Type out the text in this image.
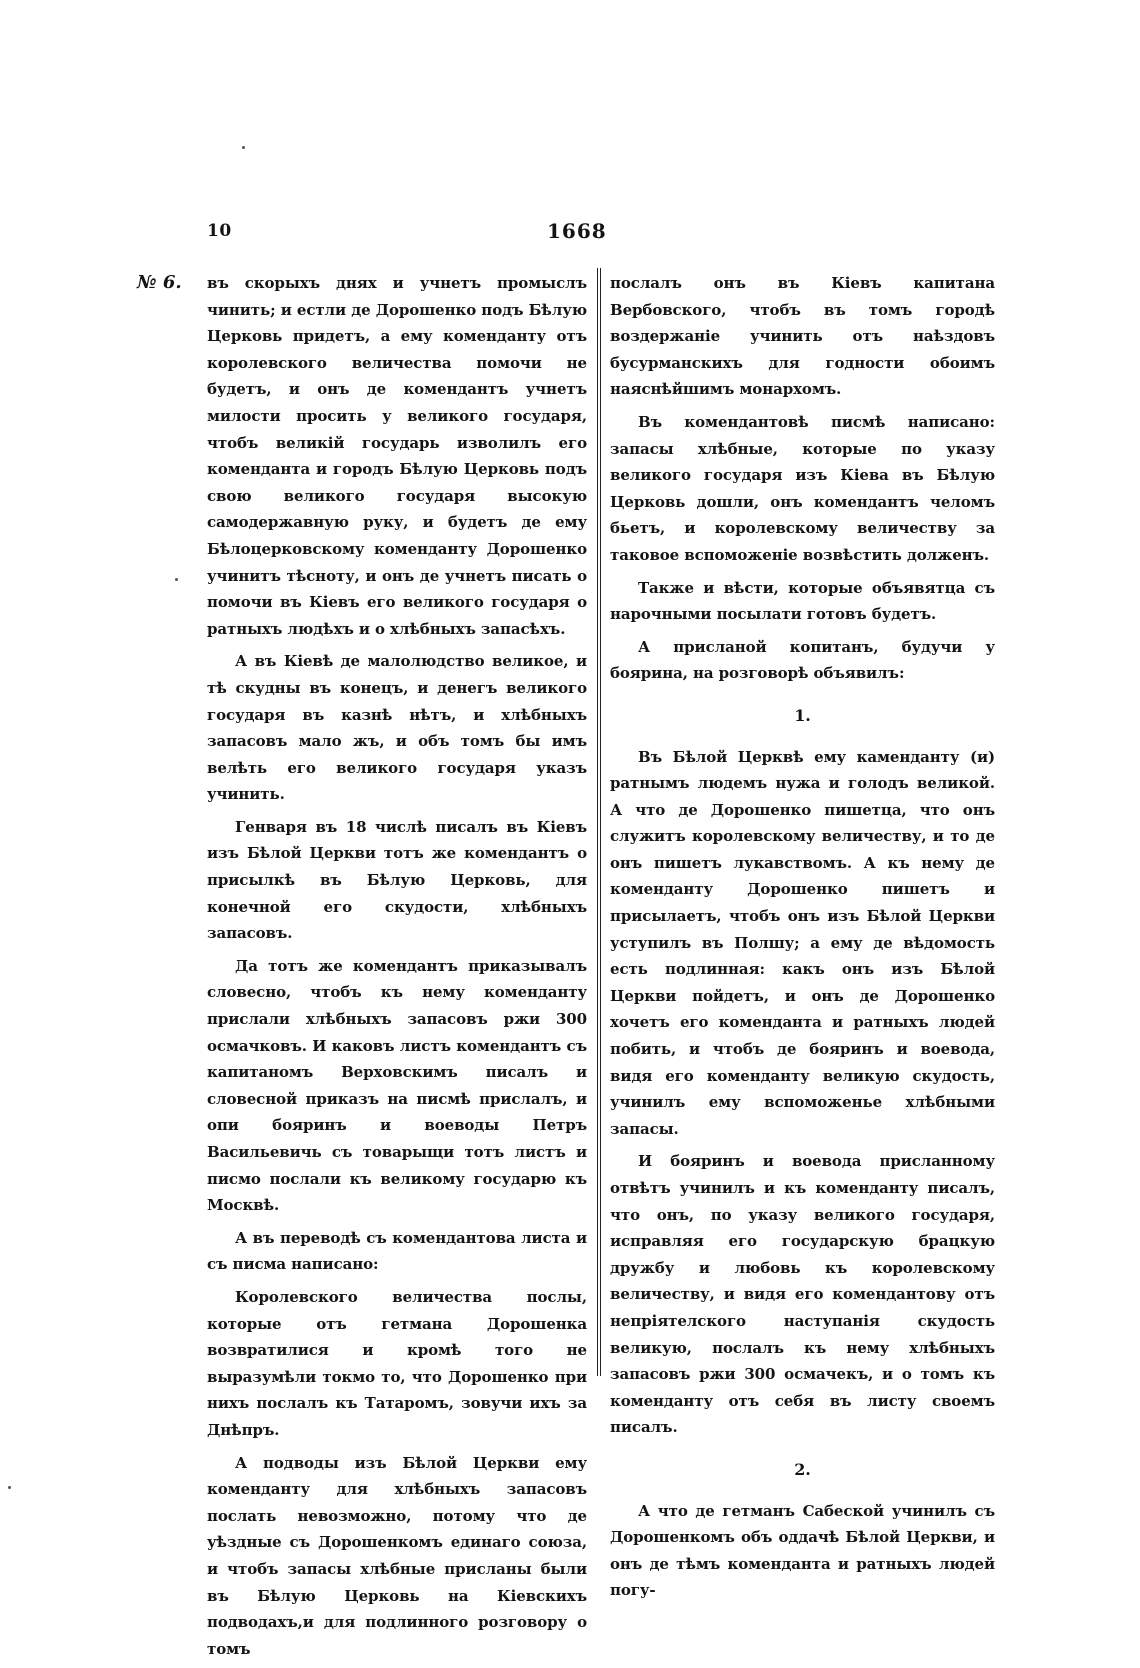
10	1668
№ 6. въ скорыхъ днях и учнетъ промыслъ чинить; и естли де Дорошенко подъ Бѣлую Церковь придетъ, а ему коменданту отъ королевского величества помочи не будетъ, и онъ де комендантъ учнетъ милости просить у великого государя, чтобъ великій государь изволилъ его коменданта и городъ Бѣлую Церковь подъ свою великого государя высокую самодержавную руку, и будетъ де ему Бѣлоцерковскому коменданту Дорошенко учинитъ тѣсноту, и онъ де учнетъ писать о помочи въ Кіевъ его великого государя о ратныхъ людѣхъ и о хлѣбныхъ запасѣхъ.

А въ Кіевѣ де малолюдство великое, и тѣ скудны въ конецъ, и денегъ великого государя въ казнѣ нѣтъ, и хлѣбныхъ запасовъ мало жъ, и объ томъ бы имъ велѣть его великого государя указъ учинить.

Генваря въ 18 числѣ писалъ въ Кіевъ изъ Бѣлой Церкви тотъ же комендантъ о присылкѣ въ Бѣлую Церковь, для конечной его скудости, хлѣбныхъ запасовъ.

Да тотъ же комендантъ приказывалъ словесно, чтобъ къ нему коменданту прислали хлѣбныхъ запасовъ ржи 300 осмачковъ. И каковъ листъ комендантъ съ капитаномъ Верховскимъ писалъ и словесной приказъ на писмѣ прислалъ, и опи бояринъ и воеводы Петръ Васильевичь съ товарыщи тотъ листъ и писмо послали къ великому государю къ Москвѣ.

А въ переводѣ съ комендантова листа и съ писма написано:

Королевского величества послы, которые отъ гетмана Дорошенка возвратилися и кромѣ того не выразумѣли токмо то, что Дорошенко при нихъ послалъ къ Татаромъ, зовучи ихъ за Днѣпръ.

А подводы изъ Бѣлой Церкви ему коменданту для хлѣбныхъ запасовъ послать невозможно, потому что де уѣздные съ Дорошенкомъ единаго союза, и чтобъ запасы хлѣбные присланы были въ Бѣлую Церковь на Кіевскихъ подводахъ,и для подлинного розговору о томъ

послалъ онъ въ Кіевъ капитана Вербовского, чтобъ въ томъ городѣ воздержаніе учинить отъ наѣздовъ бусурманскихъ для годности обоимъ наяснѣйшимъ монархомъ.

Въ комендантовѣ писмѣ написано: запасы хлѣбные, которые по указу великого государя изъ Кіева въ Бѣлую Церковь дошли, онъ комендантъ челомъ бьетъ, и королевскому величеству за таковое вспоможеніе возвѣстить долженъ.

Также и вѣсти, которые объявятца съ нарочными посылати готовъ будетъ.

А присланой копитанъ, будучи у боярина, на розговорѣ объявилъ:

1.

Въ Бѣлой Церквѣ ему каменданту (и) ратнымъ людемъ нужа и голодъ великой. А что де Дорошенко пишетца, что онъ служитъ королевскому величеству, и то де онъ пишетъ лукавствомъ. А къ нему де коменданту Дорошенко пишетъ и присылаетъ, чтобъ онъ изъ Бѣлой Церкви уступилъ въ Полшу; а ему де вѣдомость есть подлинная: какъ онъ изъ Бѣлой Церкви пойдетъ, и онъ де Дорошенко хочетъ его коменданта и ратныхъ людей побить, и чтобъ де бояринъ и воевода, видя его коменданту великую скудость, учинилъ ему вспоможенье хлѣбными запасы.

И бояринъ и воевода присланному отвѣтъ учинилъ и къ коменданту писалъ, что онъ, по указу великого государя, исправляя его государскую брацкую дружбу и любовь къ королевскому величеству, и видя его комендантову отъ непріятелского наступанія скудость великую, послалъ къ нему хлѣбныхъ запасовъ ржи 300 осмачекъ, и о томъ къ коменданту отъ себя въ листу своемъ писалъ.

2.

А что де гетманъ Сабеской учинилъ съ Дорошенкомъ объ оддачѣ Бѣлой Церкви, и онъ де тѣмъ коменданта и ратныхъ людей погу-
